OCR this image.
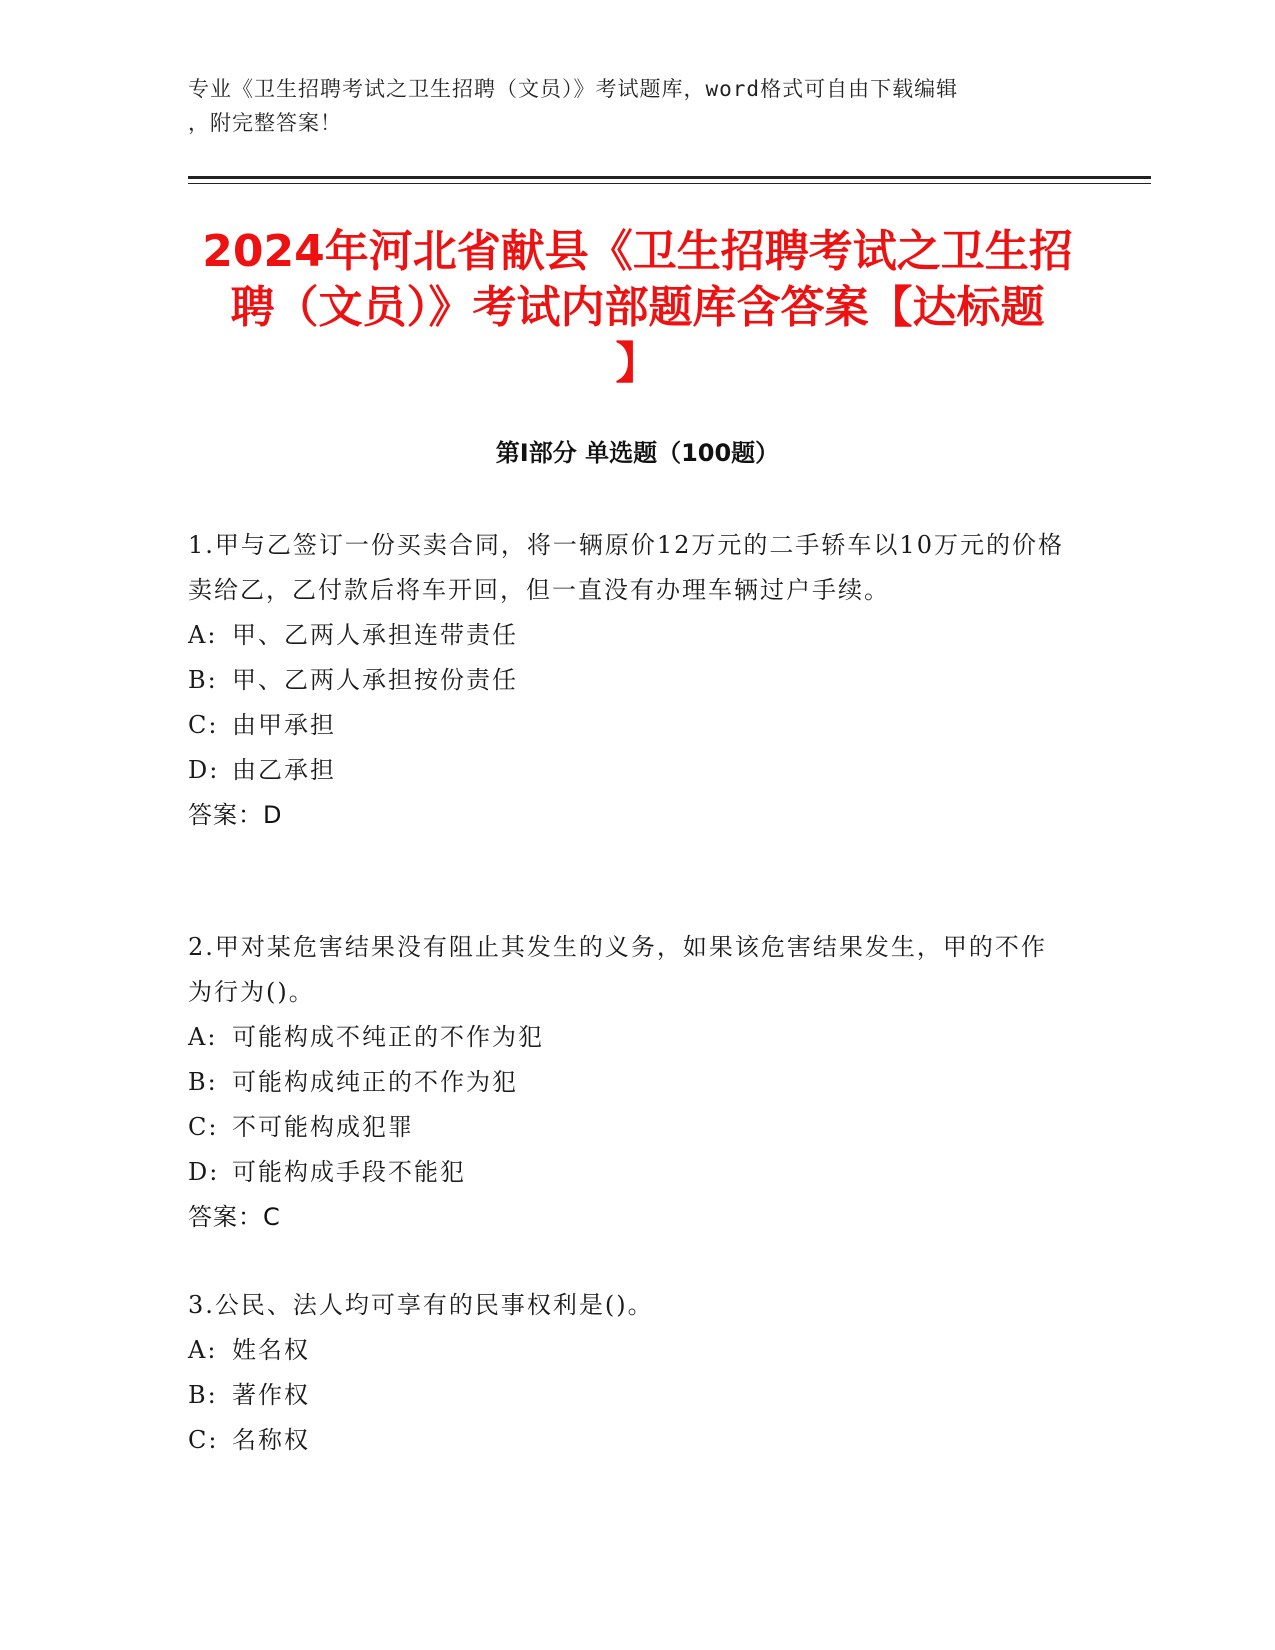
专业《卫生招聘考试之卫生招聘（文员）》考试题库，word格式可自由下载编辑
，附完整答案！
2024年河北省献县《卫生招聘考试之卫生招
聘（文员）》考试内部题库含答案【达标题
】
第Ⅰ部分 单选题（100题）

1.甲与乙签订一份买卖合同，将一辆原价12万元的二手轿车以10万元的价格卖给乙，乙付款后将车开回，但一直没有办理车辆过户手续。

A: 甲、乙两人承担连带责任

B: 甲、乙两人承担按份责任

C: 由甲承担

D: 由乙承担

答案：D

2.甲对某危害结果没有阻止其发生的义务，如果该危害结果发生，甲的不作为行为()。

A: 可能构成不纯正的不作为犯

B: 可能构成纯正的不作为犯

C: 不可能构成犯罪

D: 可能构成手段不能犯

答案：C

3.公民、法人均可享有的民事权利是()。

A: 姓名权

B: 著作权

C: 名称权
